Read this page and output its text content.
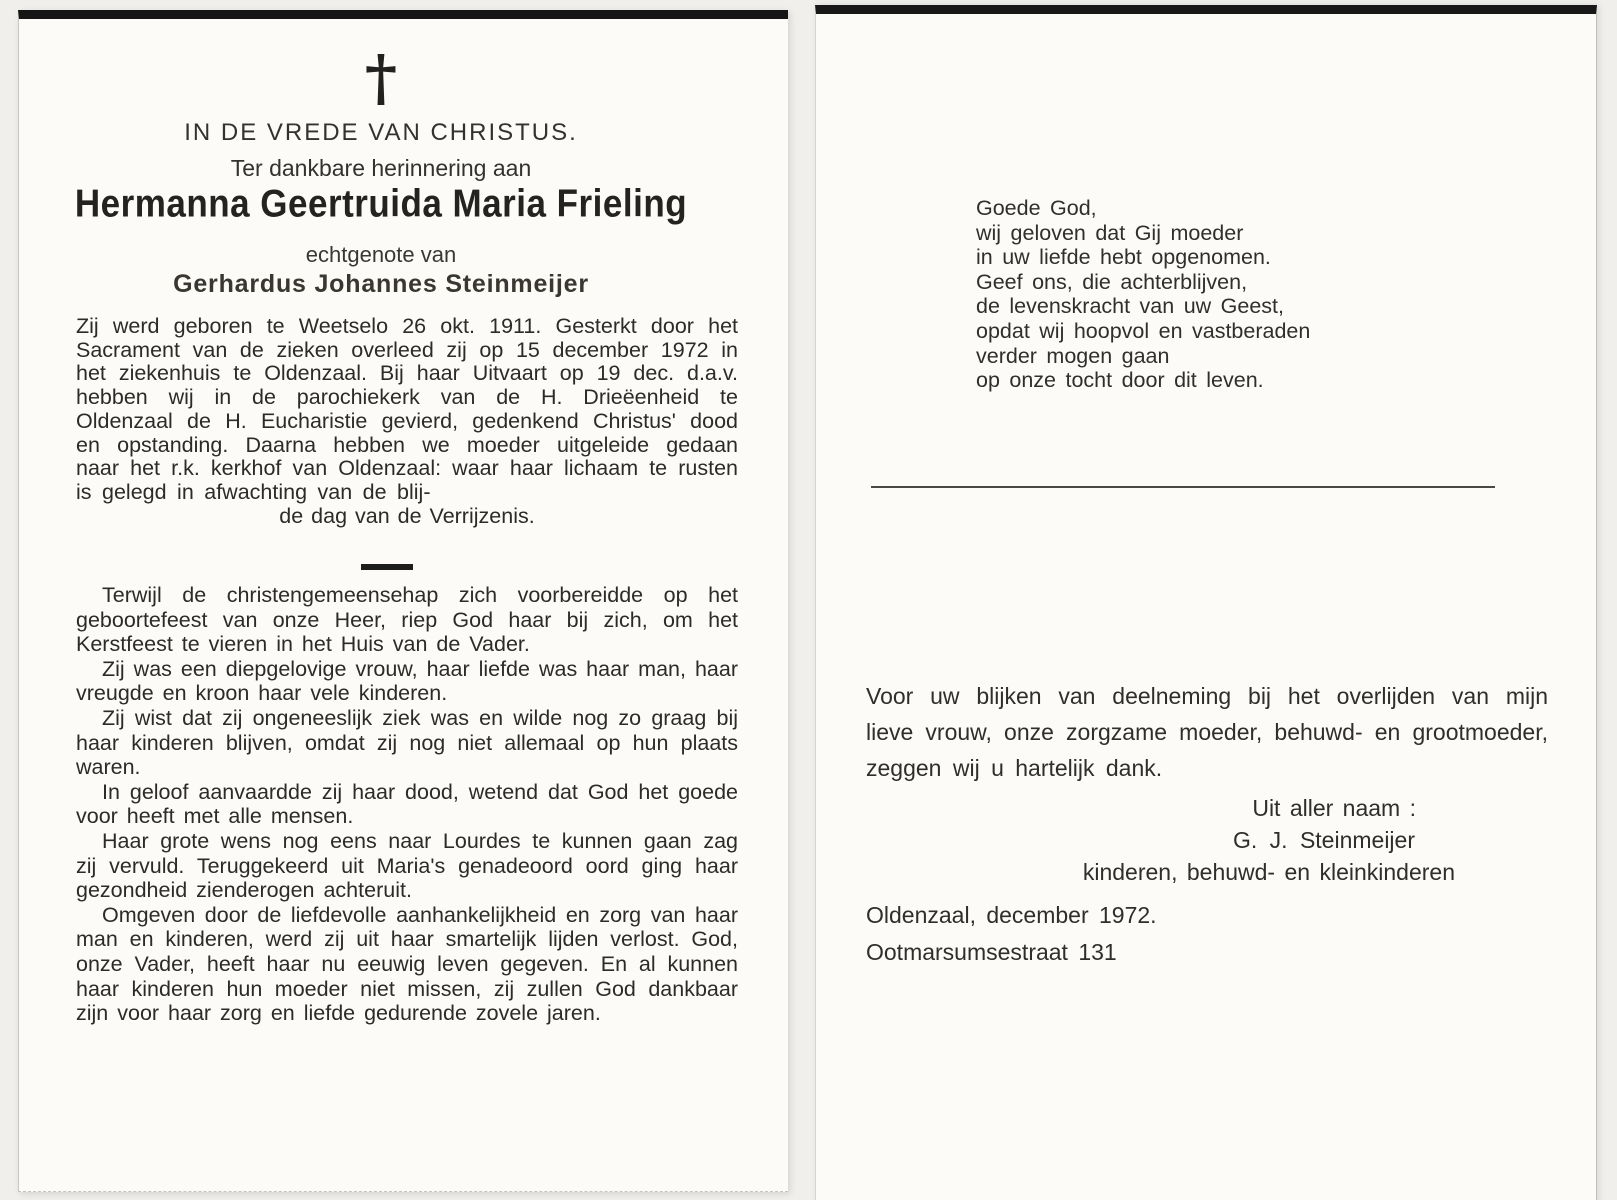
†
IN DE VREDE VAN CHRISTUS.
Ter dankbare herinnering aan
Hermanna Geertruida Maria Frieling
echtgenote van
Gerhardus Johannes Steinmeijer
Zij werd geboren te Weetselo 26 okt. 1911. Gesterkt door het Sacrament van de zieken overleed zij op 15 december 1972 in het ziekenhuis te Oldenzaal. Bij haar Uitvaart op 19 dec. d.a.v. hebben wij in de parochiekerk van de H. Drieëenheid te Oldenzaal de H. Eucharistie gevierd, gedenkend Christus' dood en opstanding. Daarna hebben we moeder uitgeleide gedaan naar het r.k. kerkhof van Oldenzaal: waar haar lichaam te rusten is gelegd in afwachting van de blij-
de dag van de Verrijzenis.

Terwijl de christengemeensehap zich voorbereidde op het geboortefeest van onze Heer, riep God haar bij zich, om het Kerstfeest te vieren in het Huis van de Vader.

Zij was een diepgelovige vrouw, haar liefde was haar man, haar vreugde en kroon haar vele kinderen.

Zij wist dat zij ongeneeslijk ziek was en wilde nog zo graag bij haar kinderen blijven, omdat zij nog niet allemaal op hun plaats waren.

In geloof aanvaardde zij haar dood, wetend dat God het goede voor heeft met alle mensen.

Haar grote wens nog eens naar Lourdes te kunnen gaan zag zij vervuld. Teruggekeerd uit Maria's genadeoord oord ging haar gezondheid zienderogen achteruit.

Omgeven door de liefdevolle aanhankelijkheid en zorg van haar man en kinderen, werd zij uit haar smartelijk lijden verlost. God, onze Vader, heeft haar nu eeuwig leven gegeven. En al kunnen haar kinderen hun moeder niet missen, zij zullen God dankbaar zijn voor haar zorg en liefde gedurende zovele jaren.

Goede God,
wij geloven dat Gij moeder
in uw liefde hebt opgenomen.
Geef ons, die achterblijven,
de levenskracht van uw Geest,
opdat wij hoopvol en vastberaden
verder mogen gaan
op onze tocht door dit leven.
Voor uw blijken van deelneming bij het overlijden van mijn lieve vrouw, onze zorgzame moeder, behuwd- en grootmoeder, zeggen wij u hartelijk dank.
Uit aller naam :
G. J. Steinmeijer
kinderen, behuwd- en kleinkinderen
Oldenzaal, december 1972.
Ootmarsumsestraat 131
